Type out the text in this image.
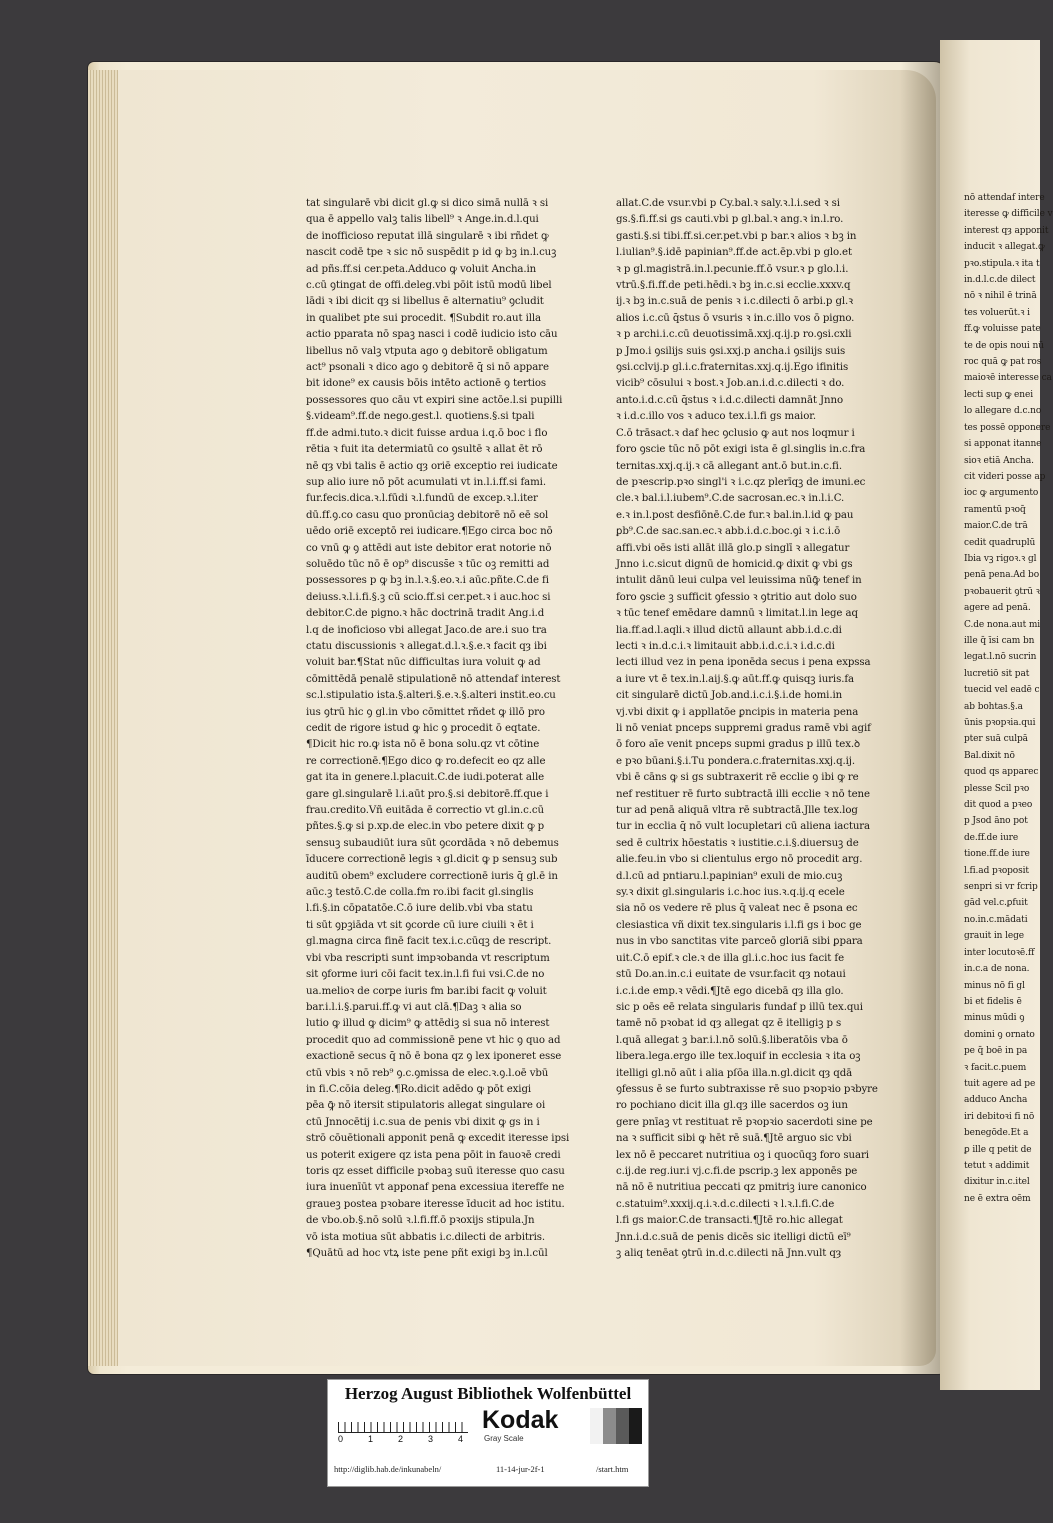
nō attendaf intere
iteresse ꝙ difficile v
interest qȝ apponit
inducit ꝛ allegat.ꝙ
pꝛo.stipula.ꝛ ita t
in.d.l.c.de dilect
nō ꝛ nihil ē trinā
tes voluerūt.ꝛ i
ff.ꝙ voluisse pate
te de opis noui nū
roc quā ꝙ pat ros
maioꝛē interesse ca
lecti sup ꝙ enei
lo allegare d.c.no
tes possē opponere
si apponat itanne
sioꝛ etiā Ancha.
cit videri posse ap
ioc ꝙ argumento
ramentū pꝛoq̄
maior.C.de trā
cedit quadruplū
Ibia vꝫ rigoꝛ.ꝛ gl
penā pena.Ad bo
pꝛobauerit ꝯtrū ꝛ
agere ad penā.
C.de nona.aut mi
ille q̄ īsi cam bn
legat.l.nō sucrin
lucretiō sit pat
tuecid vel eadē c
ab bohtas.§.a
ūnis pꝛopꝛia.qui
pter suā culpā
Bal.dixit nō
quod qs apparec
plesse Scil pꝛo
dit quod a pꝛeo
p Jsod āno pot
de.ff.de iure
tione.ff.de iure
l.fi.ad pꝛoposit
senpri si vr fcrip
gād vel.c.ꝑfuit
no.in.c.mādati
grauit in lege
inter locutoꝛē.ff
in.c.a de nona.
minus nō fi gl
bi et fidelis ē
minus mūdi ꝯ
domini ꝯ ornato
pe q̄ boē in pa
ꝛ facit.c.puem
tuit agere ad pe
adduco Ancha
iri debitoꝛi fi nō
benegōde.Et a
ꝑ ille q petit de
tetut ꝛ addimit
dixitur in.c.itel
ne ē extra oēm
tat singularē vbi dicit gl.ꝙ si dico simā nullā ꝛ si
qua ē appello valꝫ talis libell⁹ ꝛ Ange.in.d.l.qui
de inofficioso reputat illā singularē ꝛ ibi rñdet ꝙ
nascit codē tpe ꝛ sic nō suspēdit p id ꝙ bꝫ in.l.cuꝫ
ad pñs.ff.si cer.peta.Adduco ꝙ voluit Ancha.in
c.cū ꝯtingat de offi.deleg.vbi pōit istū modū libel
lādi ꝛ ibi dicit qȝ si libellus ē alternatiu⁹ ꝯcludit
in qualibet pte sui procedit. ¶Subdit ro.aut illa
actio pparata nō spaꝫ nasci i codē iudicio isto cāu
libellus nō valꝫ vtputa ago ꝯ debitorē obligatum
act⁹ psonali ꝛ dico ago ꝯ debitorē q̄ si nō appare
bit idone⁹ ex causis bōis intēto actionē ꝯ tertios
possessores quo cāu vt expiri sine actōe.l.si pupilli
§.videam⁹.ff.de nego.gest.l. quotiens.§.si tpali
ff.de admi.tuto.ꝛ dicit fuisse ardua i.q.ō boc i flo
rētia ꝛ fuit ita determiatū co ꝯsultē ꝛ allat ēt rō
nē qȝ vbi talis ē actio qȝ oriē exceptio rei iudicate
sup alio iure nō pōt acumulati vt in.l.i.ff.si fami.
fur.fecis.dica.ꝛ.l.fūdi ꝛ.l.fundū de excep.ꝛ.l.iter
dū.ff.ꝯ.co casu quo pronūciaꝫ debitorē nō eē sol
uēdo oriē exceptō rei iudicare.¶Ego circa boc nō
co vnū ꝙ ꝯ attēdi aut iste debitor erat notorie nō
soluēdo tūc nō ē op⁹ discuss̄e ꝛ tūc oꝫ remitti ad
possessores p ꝙ bꝫ in.l.ꝛ.§.eo.ꝛ.i aūc.pñte.C.de fi
deiuss.ꝛ.l.i.fi.§.ꝫ cū scio.ff.si cer.pet.ꝛ i auc.hoc si
debitor.C.de pigno.ꝛ hāc doctrinā tradit Ang.i.d
l.q de inoficioso vbi allegat Jaco.de are.i suo tra
ctatu discussionis ꝛ allegat.d.l.ꝛ.§.e.ꝛ facit qȝ ibi
voluit bar.¶Stat nūc difficultas iura voluit ꝙ ad
cōmittēdā penalē stipulationē nō attendaf interest
sc.l.stipulatio ista.§.alteri.§.e.ꝛ.§.alteri instit.eo.cu
ius ꝯtrū hic ꝯ gl.in vbo cōmittet rñdet ꝙ illō pro
cedit de rigore istud ꝙ hic ꝯ procedit ō eqtate.
¶Dicit hic ro.ꝙ ista nō ē bona solu.qz vt cōtine
re correctionē.¶Ego dico ꝙ ro.defecit eo qz alle
gat ita in genere.l.placuit.C.de iudi.poterat alle
gare gl.singularē l.i.aūt pro.§.si debitorē.ff.que i
frau.credito.Vñ euitāda ē correctio vt gl.in.c.cū
pñtes.§.ꝙ si p.xp.de elec.in vbo petere dixit ꝙ p
sensuꝫ subaudiūt iura sūt ꝯcordāda ꝛ nō debemus
īducere correctionē legis ꝛ gl.dicit ꝙ p sensuꝫ sub
auditū obem⁹ excludere correctionē iuris q̄ gl.ē in
aūc.ꝫ testō.C.de colla.fm ro.ibi facit gl.singlis
l.fi.§.in cōpatatōe.C.ō iure delib.vbi vba statu
ti sūt ꝯpꝫiāda vt sit ꝯcorde cū iure ciuili ꝛ ēt i
gl.magna circa finē facit tex.i.c.cūqꝫ de rescript.
vbi vba rescripti sunt impꝛobanda vt rescriptum
sit ꝯforme iuri cōi facit tex.in.l.fi fui vsi.C.de no
ua.melioꝛ de corpe iuris fm bar.ibi facit ꝙ voluit
bar.i.l.i.§.parui.ff.ꝙ vi aut clā.¶Daꝫ ꝛ alia so
lutio ꝙ illud ꝙ dicim⁹ ꝙ attēdiꝫ si sua nō interest
procedit quo ad commissionē pene vt hic ꝯ quo ad
exactionē secus q̄ nō ē bona qz ꝯ lex iponeret esse
ctū vbis ꝛ nō reb⁹ ꝯ.c.ꝯmissa de elec.ꝛ.ꝯ.l.oē vbū
in fi.C.cōia deleg.¶Ro.dicit adēdo ꝙ pōt exigi
pēa ꝙ̄ nō itersit stipulatoris allegat singulare oi
ctū Jnnocētij i.c.sua de penis vbi dixit ꝙ gs in i
strō cōuētionali apponit penā ꝙ excedit iteresse ipsi
us poterit exigere qz ista pena pōit in fauoꝛē credi
toris qz esset difficile pꝛobaꝫ suū iteresse quo casu
iura inuenīūt vt apponaf pena excessiua itereffe ne
graueꝫ postea pꝛobare iteresse īducit ad hoc istitu.
de vbo.ob.§.nō solū ꝛ.l.fi.ff.ō pꝛoxijs stipula.Jn
vō ista motiua sūt abbatis i.c.dilecti de arbitris.
¶Quātū ad hoc vtꝝ iste pene pñt exigi bꝫ in.l.cūl
allat.C.de vsur.vbi p Cy.bal.ꝛ saly.ꝛ.l.i.sed ꝛ si
gs.§.fi.ff.si gs cauti.vbi p gl.bal.ꝛ ang.ꝛ in.l.ro.
gasti.§.si tibi.ff.si.cer.pet.vbi p bar.ꝛ alios ꝛ bꝫ in
l.iulian⁹.§.idē papinian⁹.ff.de act.ēp.vbi p glo.et
ꝛ p gl.magistrā.in.l.pecunie.ff.ō vsur.ꝛ p glo.l.i.
vtrū.§.fi.ff.de peti.hēdi.ꝛ bꝫ in.c.si ecclie.xxxv.q
ij.ꝛ bꝫ in.c.suā de penis ꝛ i.c.dilecti ō arbi.p gl.ꝛ
alios i.c.cū q̄stus ō vsuris ꝛ in.c.illo vos ō pigno.
ꝛ p archi.i.c.cū deuotissimā.xxj.q.ij.p ro.ꝯsi.cxli
p Jmo.i ꝯsilijs suis ꝯsi.xxj.p ancha.i ꝯsilijs suis
ꝯsi.cclvij.p gl.i.c.fraternitas.xxj.q.ij.Ego ifinitis
vicib⁹ cōsului ꝛ bost.ꝛ Job.an.i.d.c.dilecti ꝛ do.
anto.i.d.c.cū q̄stus ꝛ i.d.c.dilecti damnāt Jnno
ꝛ i.d.c.illo vos ꝛ aduco tex.i.l.fi gs maior.
C.ō trāsact.ꝛ daf hec ꝯclusio ꝙ aut nos loqmur i
foro ꝯscie tūc nō pōt exigi ista ē gl.singlis in.c.fra
ternitas.xxj.q.ij.ꝛ cā allegant ant.ō but.in.c.fi.
de pꝛescrip.pꝛo singl'i ꝛ i.c.qz plerīqꝫ de imuni.ec
cle.ꝛ bal.i.l.iubem⁹.C.de sacrosan.ec.ꝛ in.l.i.C.
e.ꝛ in.l.post desfiōnē.C.de fur.ꝛ bal.in.l.id ꝙ pau
ꝑb⁹.C.de sac.san.ec.ꝛ abb.i.d.c.boc.ꝯi ꝛ i.c.i.ō
affi.vbi oēs isti allāt illā glo.p singlī ꝛ allegatur
Jnno i.c.sicut dignū de homicid.ꝙ dixit ꝙ vbi gs
intulit dānū leui culpa vel leuissima nūꝙ̄ tenef in
foro ꝯscie ꝫ sufficit ꝯfessio ꝛ ꝯtritio aut dolo suo
ꝛ tūc tenef emēdare damnū ꝛ limitat.l.in lege aq
lia.ff.ad.l.aqli.ꝛ illud dictū allaunt abb.i.d.c.di
lecti ꝛ in.d.c.i.ꝛ limitauit abb.i.d.c.i.ꝛ i.d.c.di
lecti illud vez in pena iponēda secus i pena expssa
a iure vt ē tex.in.l.aij.§.ꝙ aūt.ff.ꝙ quisqꝫ iuris.fa
cit singularē dictū Job.and.i.c.i.§.i.de homi.in
vj.vbi dixit ꝙ i appllatōe ꝑncipis in materia pena
li nō veniat pnceps suppremi gradus ramē vbi agif
ō foro aīe venit pnceps supmi gradus p illū tex.ꝺ
e pꝛo būani.§.i.Tu pondera.c.fraternitas.xxj.q.ij.
vbi ē cāns ꝙ si gs subtraxerit rē ecclie ꝯ ibi ꝙ re
nef restituer rē furto subtractā illi ecclie ꝛ nō tene
tur ad penā aliquā vltra rē subtractā.Jlle tex.log
tur in ecclia q̄ nō vult locupletari cū aliena iactura
sed ē cultrix hōestatis ꝛ iustitie.c.i.§.diuersuꝫ de
alie.feu.in vbo si clientulus ergo nō procedit arg.
d.l.cū ad pntiaru.l.papinian⁹ exuli de mio.cuꝫ
sy.ꝛ dixit gl.singularis i.c.hoc ius.ꝛ.q.ij.q ecele
sia nō os vedere rē plus q̄ valeat nec ē psona ec
clesiastica vñ dixit tex.singularis i.l.fi gs i boc ge
nus in vbo sanctitas vite parceō gloriā sibi ꝑpara
uit.C.ō epif.ꝛ cle.ꝛ de illa gl.i.c.hoc ius facit fe
stū Do.an.in.c.i euitate de vsur.facit qȝ notaui
i.c.i.de emp.ꝛ vēdi.¶Jtē ego dicebā qȝ illa glo.
sic p oēs eē relata singularis fundaf p illū tex.qui
tamē nō pꝛobat id qȝ allegat qz ē itelligiꝫ p s
l.quā allegat ꝫ bar.i.l.nō solū.§.liberatōis vba ō
libera.lega.ergo ille tex.loquif in ecclesia ꝛ ita oꝫ
itelligi gl.nō aūt i alia pſōa illa.n.gl.dicit qȝ qdā
ꝯfessus ē se furto subtraxisse rē suo pꝛopꝛio pꝛbyre
ro pochiano dicit illa gl.qȝ ille sacerdos oꝫ iun
gere pnīaꝫ vt restituat rē pꝛopꝛio sacerdoti sine pe
na ꝛ sufficit sibi ꝙ hēt rē suā.¶Jtē arguo sic vbi
lex nō ē peccaret nutritiua oꝫ i quocūqꝫ foro suari
c.ij.de reg.iur.i vj.c.fi.de pscrip.ꝫ lex apponēs pe
nā nō ē nutritiua peccati qz pmitriꝫ iure canonico
c.statuim⁹.xxxij.q.i.ꝛ.d.c.dilecti ꝛ l.ꝛ.l.fi.C.de
l.fi gs maior.C.de transacti.¶Jtē ro.hic allegat
Jnn.i.d.c.suā de penis dicēs sic itelligi dictū eī⁹
ꝫ aliq tenēat ꝯtrū in.d.c.dilecti nā Jnn.vult qȝ
Herzog August Bibliothek Wolfenbüttel
0	1	2	3	4
Kodak
Gray Scale
http://diglib.hab.de/inkunabeln/	11-14-jur-2f-1	/start.htm
